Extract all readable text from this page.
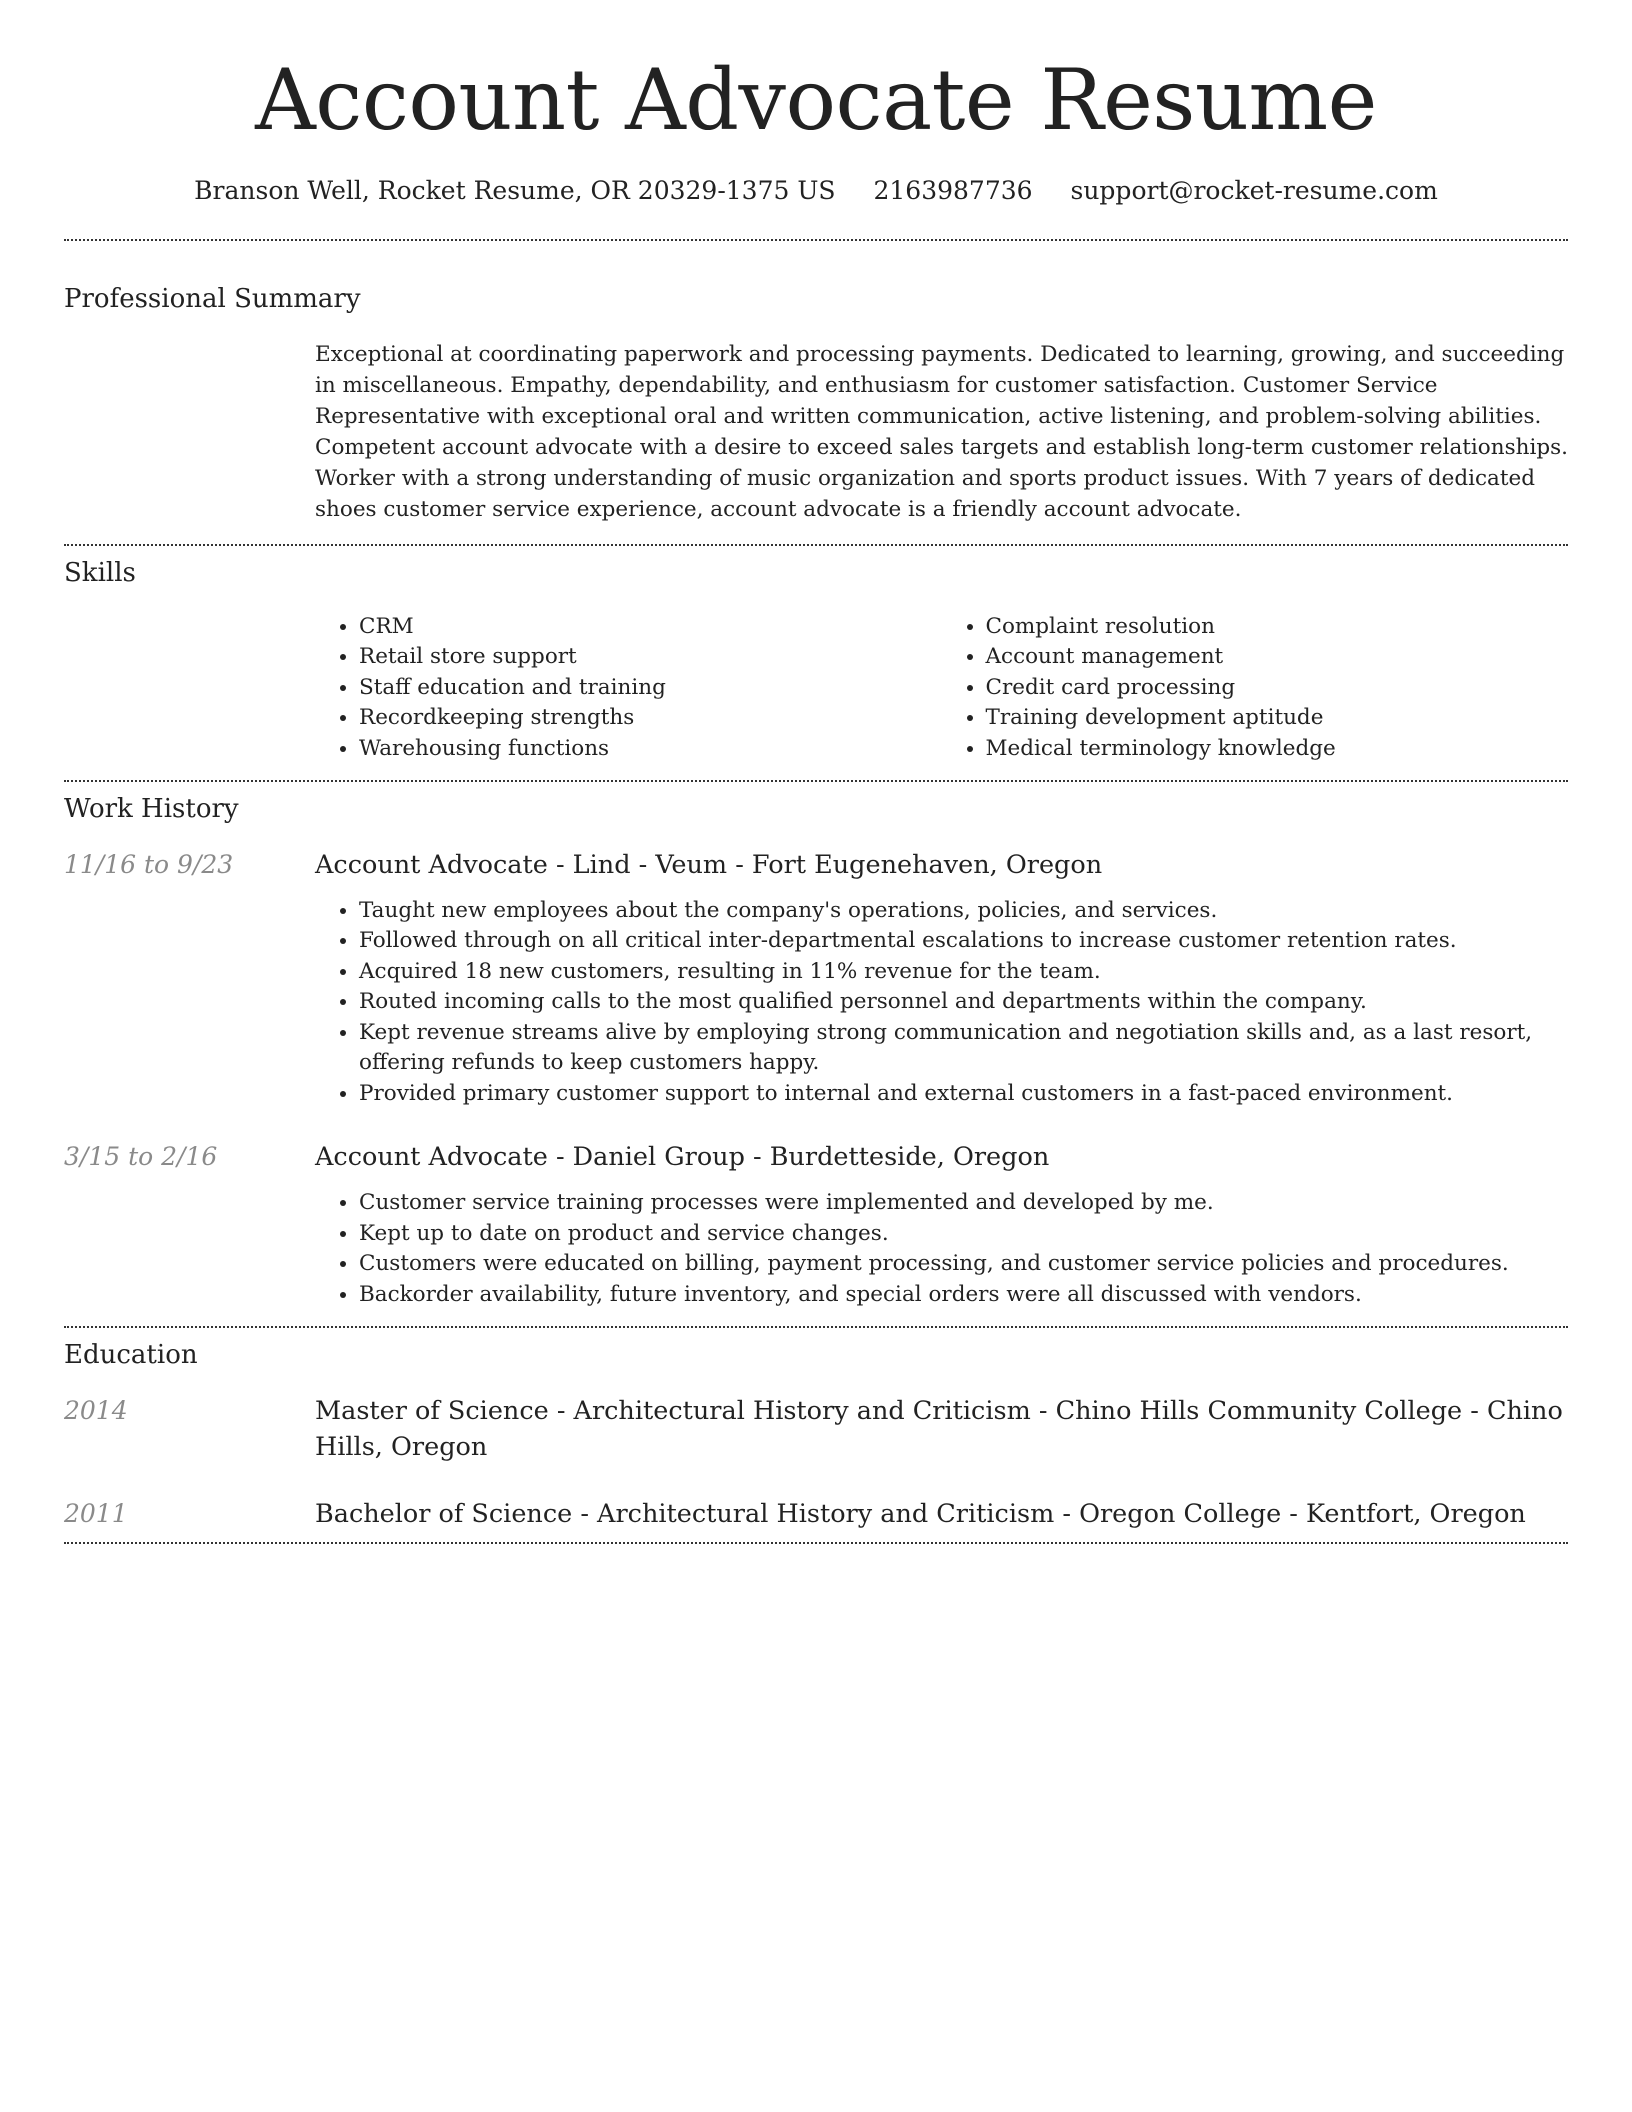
Account Advocate Resume
Branson Well, Rocket Resume, OR 20329-1375 US 2163987736 support@rocket-resume.com
Professional Summary

Exceptional at coordinating paperwork and processing payments. Dedicated to learning, growing, and succeeding in miscellaneous. Empathy, dependability, and enthusiasm for customer satisfaction. Customer Service Representative with exceptional oral and written communication, active listening, and problem-solving abilities. Competent account advocate with a desire to exceed sales targets and establish long-term customer relationships. Worker with a strong understanding of music organization and sports product issues. With 7 years of dedicated shoes customer service experience, account advocate is a friendly account advocate.

Skills
• CRM
• Retail store support
• Staff education and training
• Recordkeeping strengths
• Warehousing functions
• Complaint resolution
• Account management
• Credit card processing
• Training development aptitude
• Medical terminology knowledge
Work History
11/16 to 9/23	Account Advocate - Lind - Veum - Fort Eugenehaven, Oregon
• Taught new employees about the company's operations, policies, and services.
• Followed through on all critical inter-departmental escalations to increase customer retention rates.
• Acquired 18 new customers, resulting in 11% revenue for the team.
• Routed incoming calls to the most qualified personnel and departments within the company.
• Kept revenue streams alive by employing strong communication and negotiation skills and, as a last resort, offering refunds to keep customers happy.
• Provided primary customer support to internal and external customers in a fast-paced environment.
3/15 to 2/16	Account Advocate - Daniel Group - Burdetteside, Oregon
• Customer service training processes were implemented and developed by me.
• Kept up to date on product and service changes.
• Customers were educated on billing, payment processing, and customer service policies and procedures.
• Backorder availability, future inventory, and special orders were all discussed with vendors.
Education
2014	Master of Science - Architectural History and Criticism - Chino Hills Community College - Chino Hills, Oregon
2011	Bachelor of Science - Architectural History and Criticism - Oregon College - Kentfort, Oregon
